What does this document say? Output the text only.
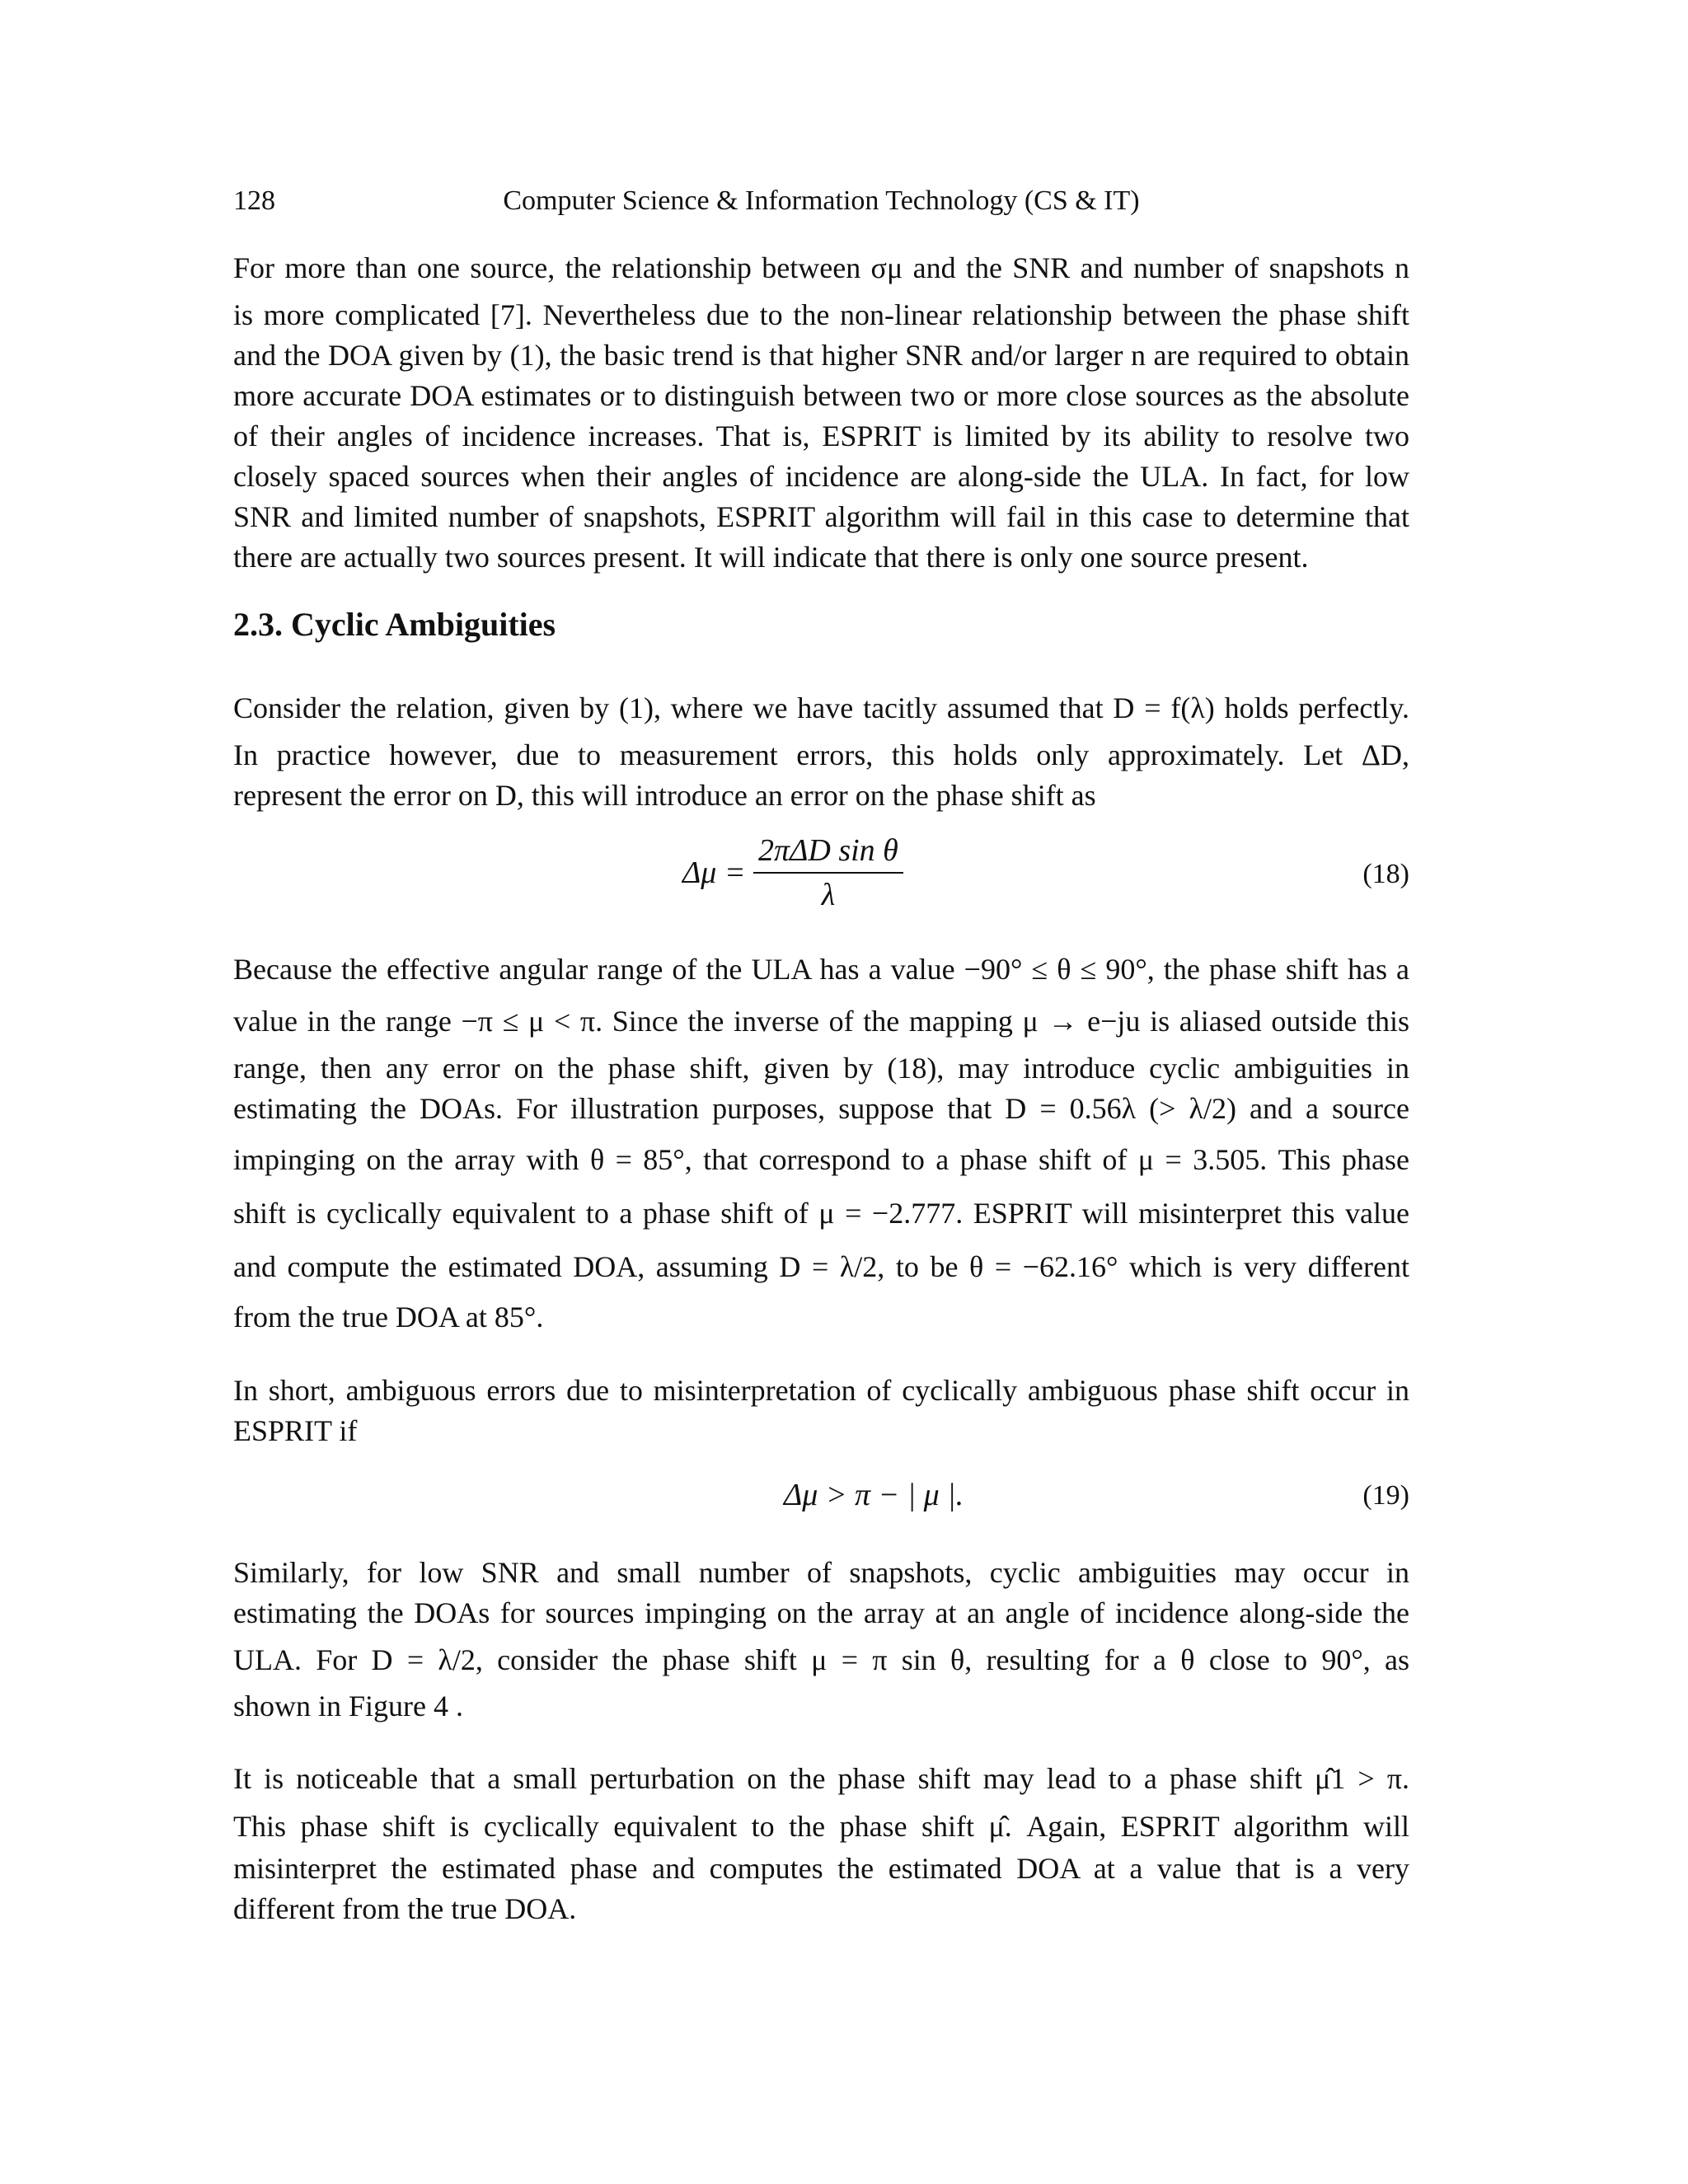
128	Computer Science & Information Technology (CS & IT)
For more than one source, the relationship between σμ and the SNR and number of snapshots n
is more complicated [7]. Nevertheless due to the non-linear relationship between the phase shift
and the DOA given by (1), the basic trend is that higher SNR and/or larger n are required to obtain
more accurate DOA estimates or to distinguish between two or more close sources as the absolute
of their angles of incidence increases. That is, ESPRIT is limited by its ability to resolve two
closely spaced sources when their angles of incidence are along-side the ULA. In fact, for low
SNR and limited number of snapshots, ESPRIT algorithm will fail in this case to determine that
there are actually two sources present. It will indicate that there is only one source present.
2.3. Cyclic Ambiguities
Consider the relation, given by (1), where we have tacitly assumed that D = f(λ) holds perfectly.
In practice however, due to measurement errors, this holds only approximately. Let ΔD,
represent the error on D, this will introduce an error on the phase shift as
$\Delta\mu = \frac{\text{2πΔD sin θ}}{\lambda}$	(18)
Because the effective angular range of the ULA has a value −90° ≤ θ ≤ 90°, the phase shift has a
value in the range −π ≤ μ < π. Since the inverse of the mapping μ → e−ju is aliased outside this
range, then any error on the phase shift, given by (18), may introduce cyclic ambiguities in
estimating the DOAs. For illustration purposes, suppose that D = 0.56λ (> λ/2) and a source
impinging on the array with θ = 85°, that correspond to a phase shift of μ = 3.505. This phase
shift is cyclically equivalent to a phase shift of μ = −2.777. ESPRIT will misinterpret this value
and compute the estimated DOA, assuming D = λ/2, to be θ = −62.16° which is very different
from the true DOA at 85°.
In short, ambiguous errors due to misinterpretation of cyclically ambiguous phase shift occur in
ESPRIT if
Δμ > π − | μ |.	(19)
Similarly, for low SNR and small number of snapshots, cyclic ambiguities may occur in
estimating the DOAs for sources impinging on the array at an angle of incidence along-side the
ULA. For D = λ/2, consider the phase shift μ = π sin θ, resulting for a θ close to 90°, as
shown in Figure 4 .
It is noticeable that a small perturbation on the phase shift may lead to a phase shift μ̂1 > π.
This phase shift is cyclically equivalent to the phase shift μ̂. Again, ESPRIT algorithm will
misinterpret the estimated phase and computes the estimated DOA at a value that is a very
different from the true DOA.
